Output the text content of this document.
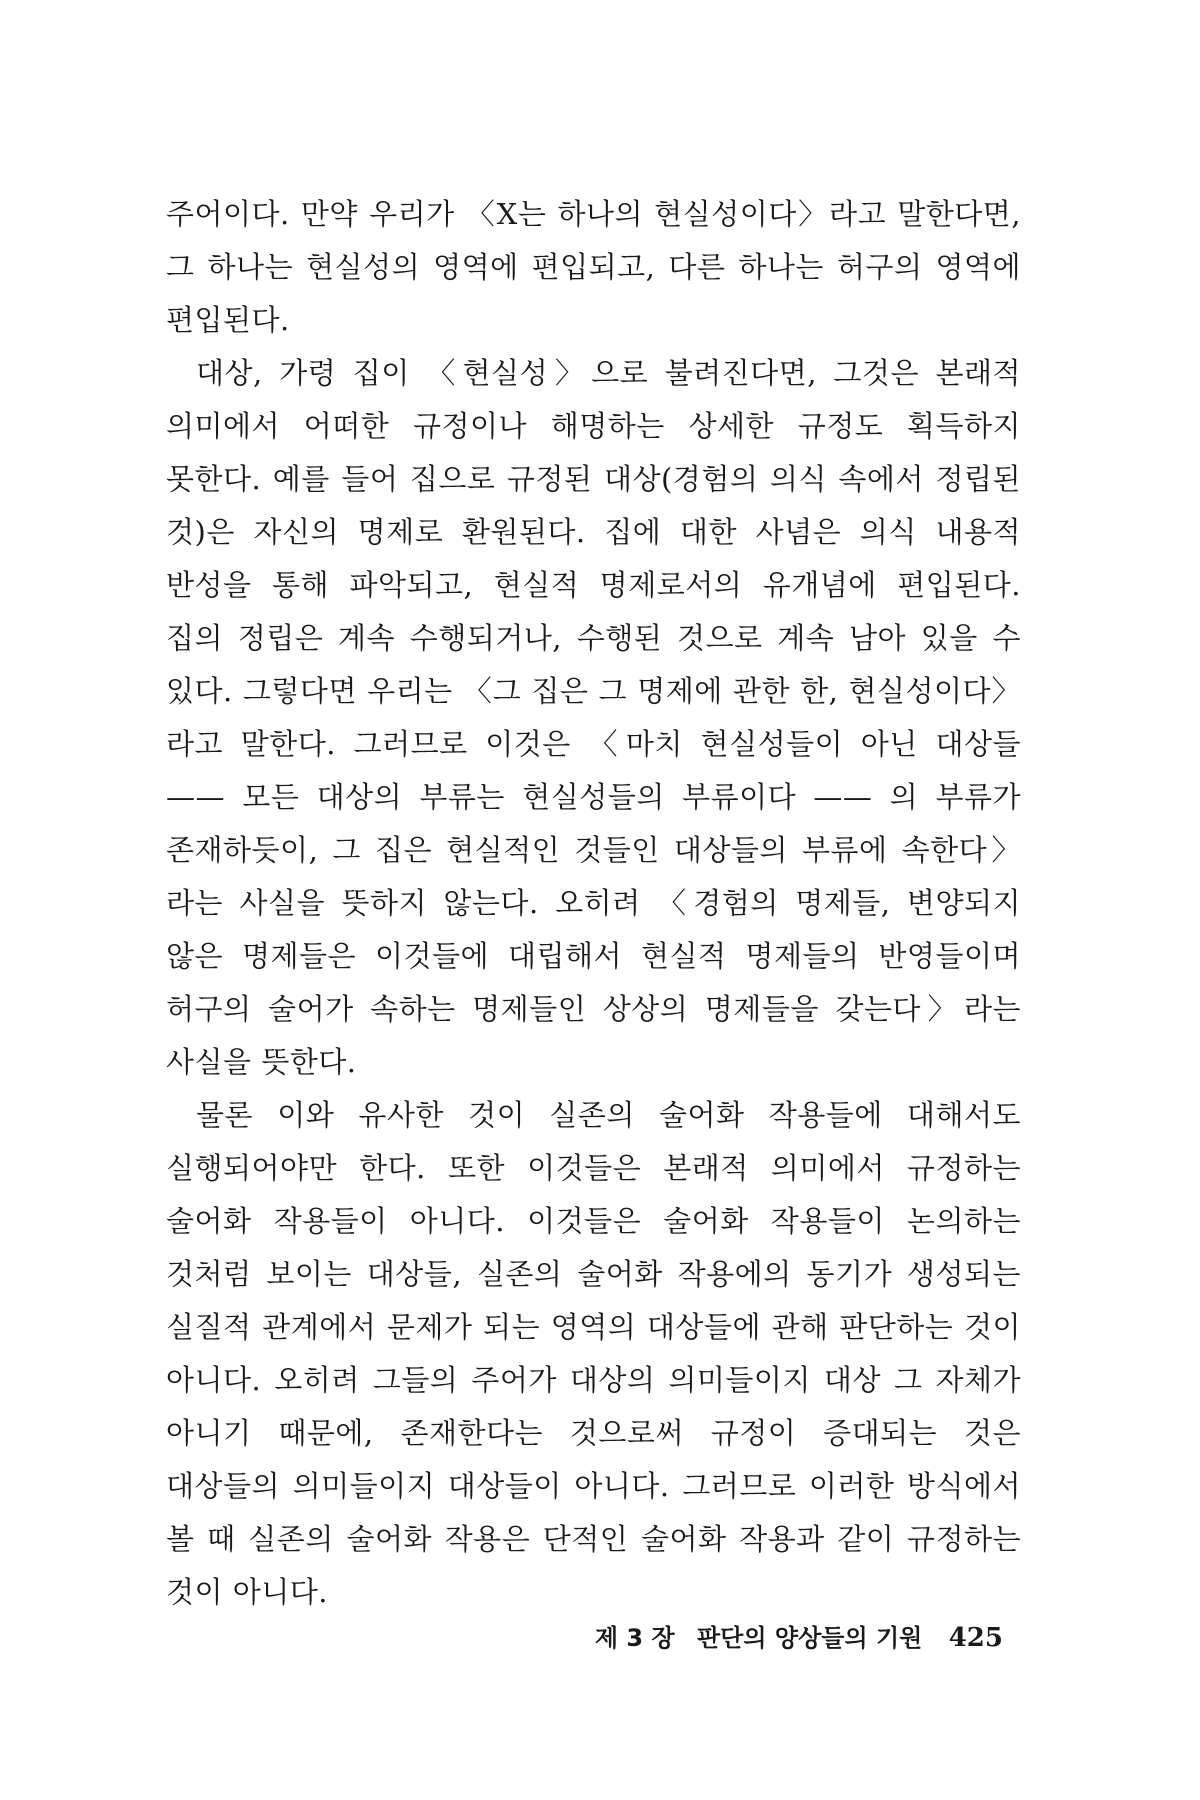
주어이다. 만약 우리가 〈X는 하나의 현실성이다〉라고 말한다면, 그 하나는 현실성의 영역에 편입되고, 다른 하나는 허구의 영역에 편입된다.

대상, 가령 집이 〈현실성〉으로 불려진다면, 그것은 본래적 의미에서 어떠한 규정이나 해명하는 상세한 규정도 획득하지 못한다. 예를 들어 집으로 규정된 대상(경험의 의식 속에서 정립된 것)은 자신의 명제로 환원된다. 집에 대한 사념은 의식 내용적 반성을 통해 파악되고, 현실적 명제로서의 유개념에 편입된다. 집의 정립은 계속 수행되거나, 수행된 것으로 계속 남아 있을 수 있다. 그렇다면 우리는 〈그 집은 그 명제에 관한 한, 현실성이다〉라고 말한다. 그러므로 이것은 〈마치 현실성들이 아닌 대상들 —— 모든 대상의 부류는 현실성들의 부류이다 —— 의 부류가 존재하듯이, 그 집은 현실적인 것들인 대상들의 부류에 속한다〉라는 사실을 뜻하지 않는다. 오히려 〈경험의 명제들, 변양되지 않은 명제들은 이것들에 대립해서 현실적 명제들의 반영들이며 허구의 술어가 속하는 명제들인 상상의 명제들을 갖는다〉라는 사실을 뜻한다.

물론 이와 유사한 것이 실존의 술어화 작용들에 대해서도 실행되어야만 한다. 또한 이것들은 본래적 의미에서 규정하는 술어화 작용들이 아니다. 이것들은 술어화 작용들이 논의하는 것처럼 보이는 대상들, 실존의 술어화 작용에의 동기가 생성되는 실질적 관계에서 문제가 되는 영역의 대상들에 관해 판단하는 것이 아니다. 오히려 그들의 주어가 대상의 의미들이지 대상 그 자체가 아니기 때문에, 존재한다는 것으로써 규정이 증대되는 것은 대상들의 의미들이지 대상들이 아니다. 그러므로 이러한 방식에서 볼 때 실존의 술어화 작용은 단적인 술어화 작용과 같이 규정하는 것이 아니다.

제 3 장 판단의 양상들의 기원 425
